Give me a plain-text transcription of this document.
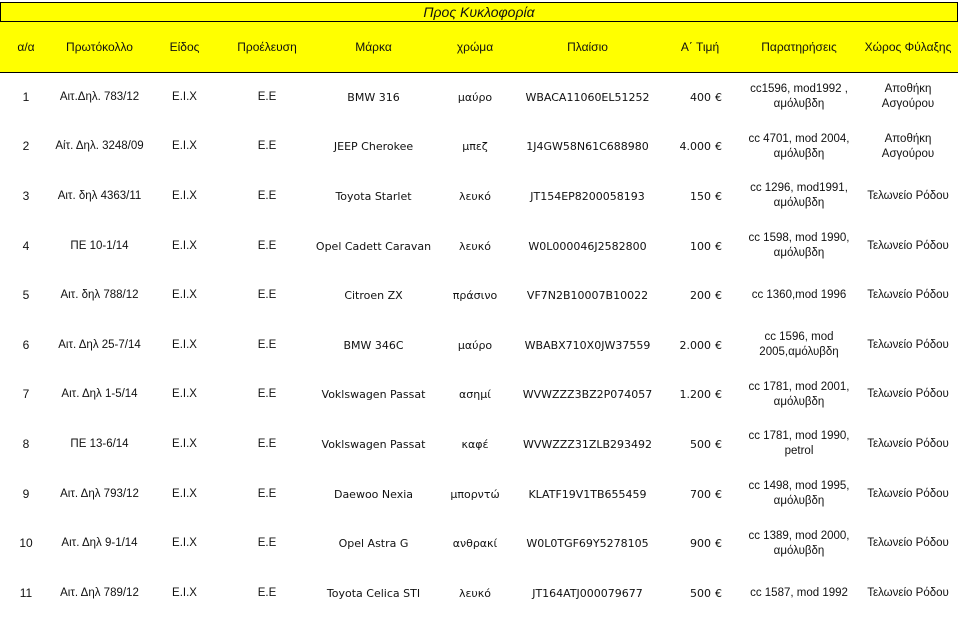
Προς Κυκλοφορία
α/α	Πρωτόκολλο	Είδος	Προέλευση	Μάρκα	χρώμα	Πλαίσιο	Α΄ Τιμή	Παρατηρήσεις	Χώρος Φύλαξης
1	Αιτ.Δηλ. 783/12	Ε.Ι.Χ	Ε.Ε	BMW 316	μαύρο	WBACA11060EL51252	400 €	cc1596, mod1992 , αμόλυβδη	Αποθήκη Ασγούρου
2	Αίτ. Δηλ. 3248/09	Ε.Ι.Χ	Ε.Ε	JEEP Cherokee	μπεζ	1J4GW58N61C688980	4.000 €	cc 4701, mod 2004, αμόλυβδη	Αποθήκη Ασγούρου
3	Αιτ. δηλ 4363/11	Ε.Ι.Χ	Ε.Ε	Toyota Starlet	λευκό	JT154EP8200058193	150 €	cc 1296, mod1991, αμόλυβδη	Τελωνείο Ρόδου
4	ΠΕ 10-1/14	Ε.Ι.Χ	Ε.Ε	Opel Cadett Caravan	λευκό	W0L000046J2582800	100 €	cc 1598, mod 1990, αμόλυβδη	Τελωνείο Ρόδου
5	Αιτ. δηλ 788/12	Ε.Ι.Χ	Ε.Ε	Citroen ZX	πράσινο	VF7N2B10007B10022	200 €	cc 1360,mod 1996	Τελωνείο Ρόδου
6	Αιτ. Δηλ 25-7/14	Ε.Ι.Χ	Ε.Ε	BMW 346C	μαύρο	WBABX710X0JW37559	2.000 €	cc 1596, mod 2005,αμόλυβδη	Τελωνείο Ρόδου
7	Αιτ. Δηλ 1-5/14	Ε.Ι.Χ	Ε.Ε	Voklswagen Passat	ασημί	WVWZZZ3BZ2P074057	1.200 €	cc 1781, mod 2001, αμόλυβδη	Τελωνείο Ρόδου
8	ΠΕ 13-6/14	Ε.Ι.Χ	Ε.Ε	Voklswagen Passat	καφέ	WVWZZZ31ZLB293492	500 €	cc 1781, mod 1990, petrol	Τελωνείο Ρόδου
9	Αιτ. Δηλ 793/12	Ε.Ι.Χ	Ε.Ε	Daewoo Nexia	μπορντώ	KLATF19V1TB655459	700 €	cc 1498, mod 1995, αμόλυβδη	Τελωνείο Ρόδου
10	Αιτ. Δηλ 9-1/14	Ε.Ι.Χ	Ε.Ε	Opel Astra G	ανθρακί	W0L0TGF69Y5278105	900 €	cc 1389, mod 2000, αμόλυβδη	Τελωνείο Ρόδου
11	Αιτ. Δηλ 789/12	Ε.Ι.Χ	Ε.Ε	Toyota Celica STI	λευκό	JT164ATJ000079677	500 €	cc 1587, mod 1992	Τελωνείο Ρόδου
